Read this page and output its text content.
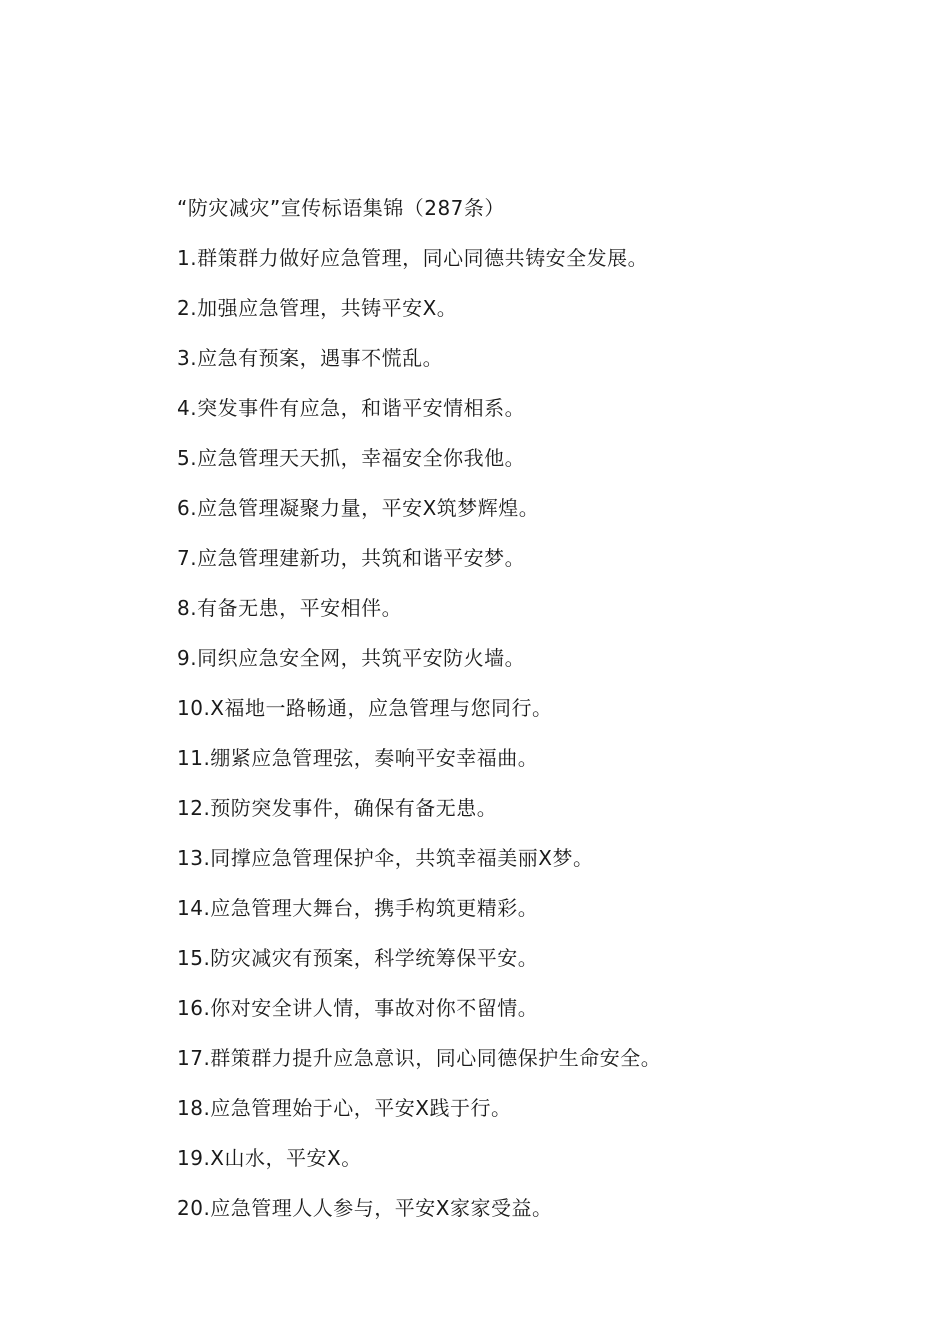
“防灾减灾”宣传标语集锦（287条）
1.群策群力做好应急管理，同心同德共铸安全发展。
2.加强应急管理，共铸平安X。
3.应急有预案，遇事不慌乱。
4.突发事件有应急，和谐平安情相系。
5.应急管理天天抓，幸福安全你我他。
6.应急管理凝聚力量，平安X筑梦辉煌。
7.应急管理建新功，共筑和谐平安梦。
8.有备无患，平安相伴。
9.同织应急安全网，共筑平安防火墙。
10.X福地一路畅通，应急管理与您同行。
11.绷紧应急管理弦，奏响平安幸福曲。
12.预防突发事件，确保有备无患。
13.同撑应急管理保护伞，共筑幸福美丽X梦。
14.应急管理大舞台，携手构筑更精彩。
15.防灾减灾有预案，科学统筹保平安。
16.你对安全讲人情，事故对你不留情。
17.群策群力提升应急意识，同心同德保护生命安全。
18.应急管理始于心，平安X践于行。
19.X山水，平安X。
20.应急管理人人参与，平安X家家受益。
